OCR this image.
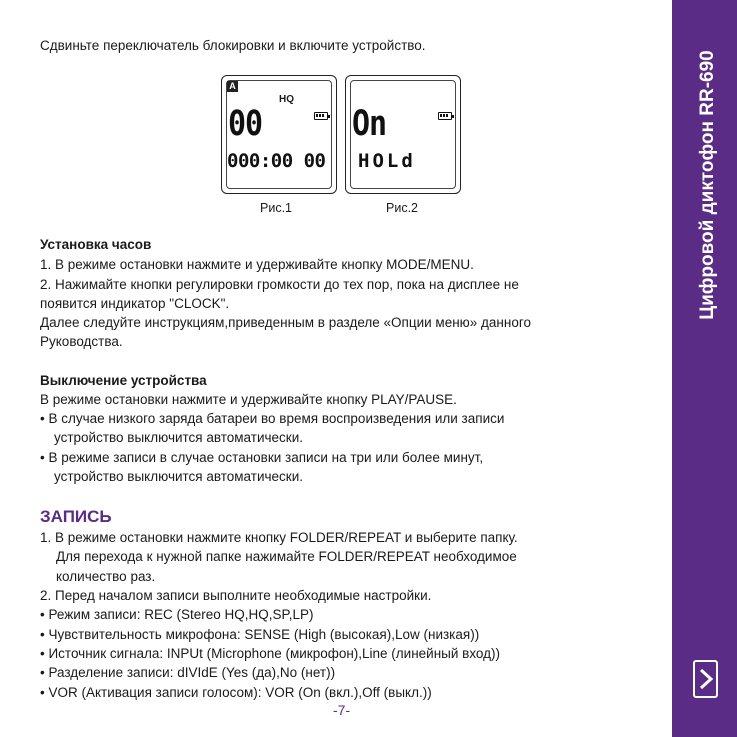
Сдвиньте переключатель блокировки и включите устройство.
A
HQ
00
000:00 00
On
HOLd
Рис.1	Рис.2
Установка часов
1. В режиме остановки нажмите и удерживайте кнопку MODE/MENU.
2. Нажимайте кнопки регулировки громкости до тех пор, пока на дисплее не
появится индикатор "CLOCK".
Далее следуйте инструкциям,приведенным в разделе «Опции меню» данного
Руководства.
Выключение устройства
В режиме остановки нажмите и удерживайте кнопку PLAY/PAUSE.
• В случае низкого заряда батареи во время воспроизведения или записи
устройство выключится автоматически.
• В режиме записи в случае остановки записи на три или более минут,
устройство выключится автоматически.
ЗАПИСЬ
1. В режиме остановки нажмите кнопку FOLDER/REPEAT и выберите папку.
Для перехода к нужной папке нажимайте FOLDER/REPEAT необходимое
количество раз.
2. Перед началом записи выполните необходимые настройки.
• Режим записи: REC (Stereo HQ,HQ,SP,LP)
• Чувствительность микрофона: SENSE (High (высокая),Low (низкая))
• Источник сигнала: INPUt (Microphone (микрофон),Line (линейный вход))
• Разделение записи: dIVIdE (Yes (да),No (нет))
• VOR (Активация записи голосом): VOR (On (вкл.),Off (выкл.))
-7-
Цифровой диктофон RR-690
